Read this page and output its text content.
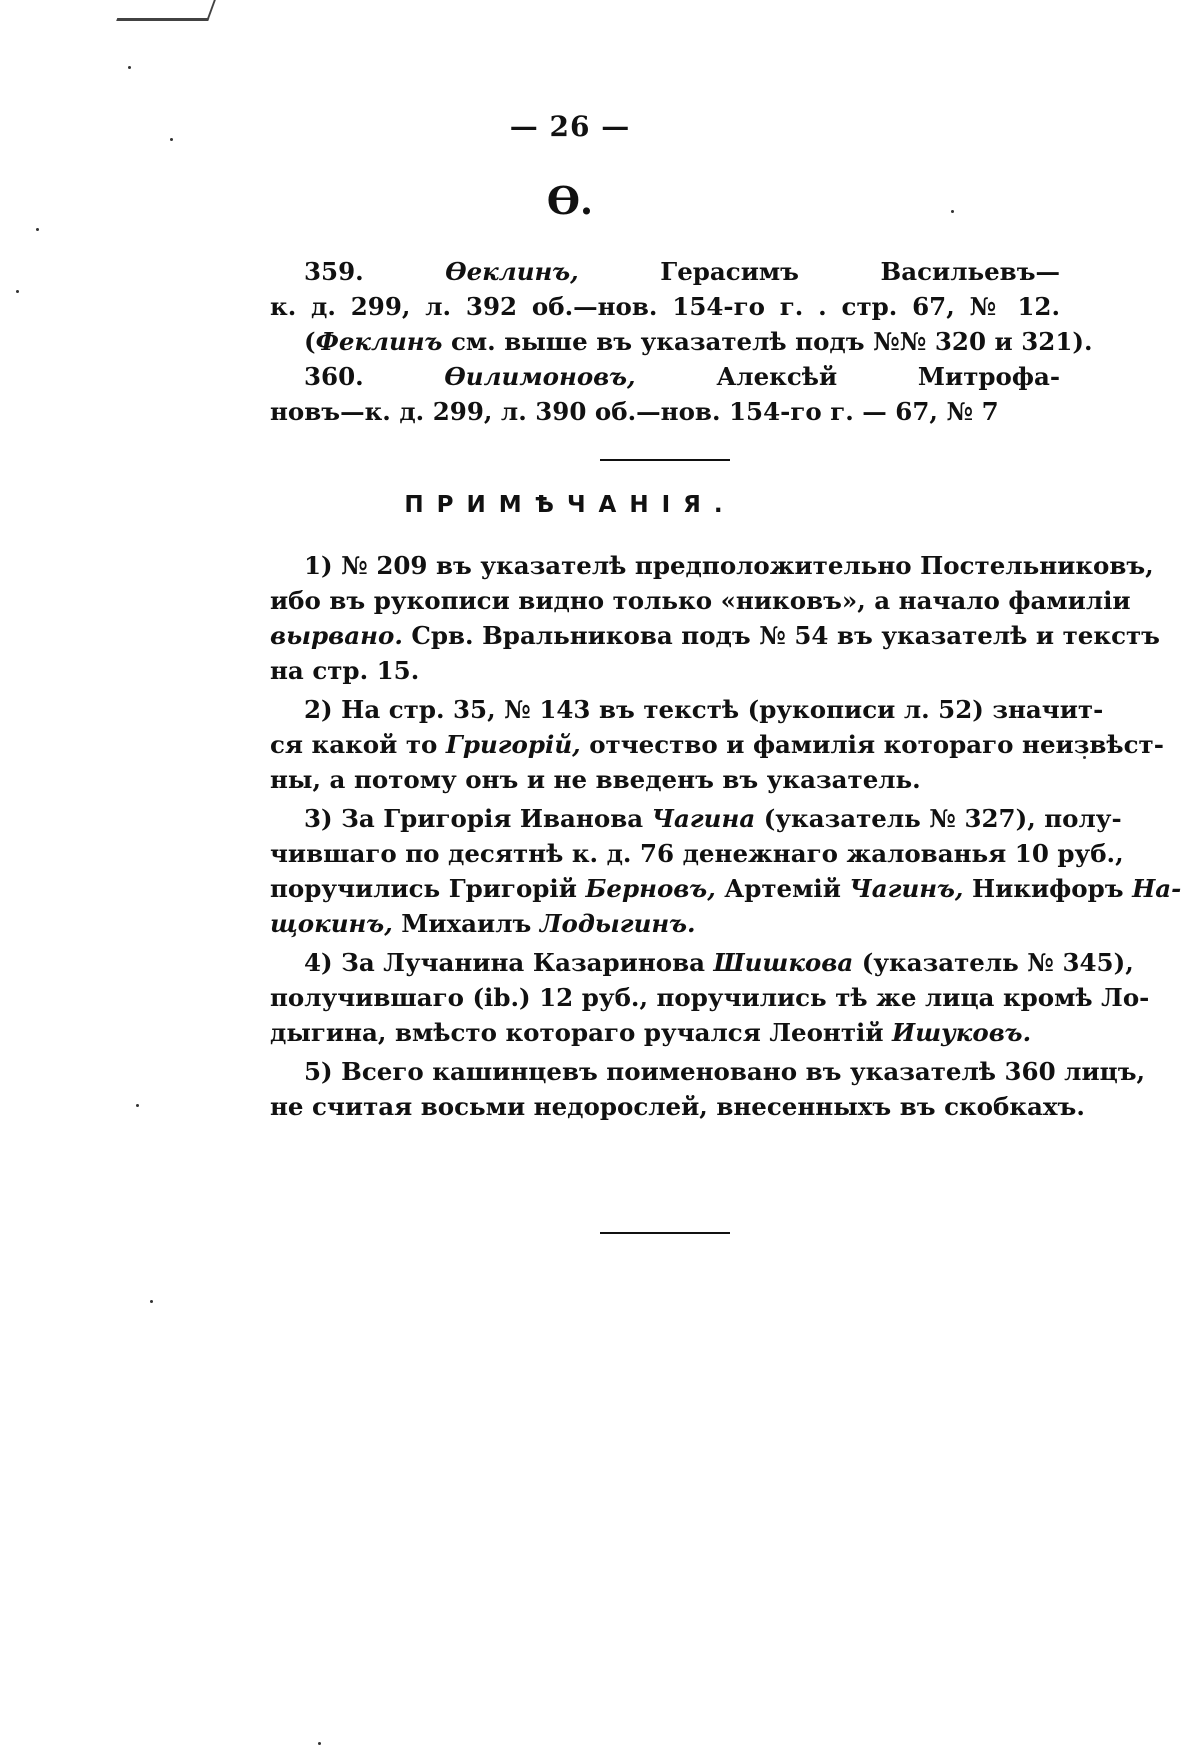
— 26 —
Ѳ.
359. Ѳеклинъ, Герасимъ Васильевъ—
к. д. 299, л. 392 об.—нов. 154-го г. . стр. 67, № 12.
(Феклинъ см. выше въ указателѣ подъ №№ 320 и 321).
360. Ѳилимоновъ, Алексѣй Митрофа-
новъ—к. д. 299, л. 390 об.—нов. 154-го г. — 67, № 7
ПРИМѢЧАНІЯ.
1) № 209 въ указателѣ предположительно Постельниковъ,
ибо въ рукописи видно только «никовъ», а начало фамиліи
вырвано. Срв. Вральникова подъ № 54 въ указателѣ и текстъ
на стр. 15.
2) На стр. 35, № 143 въ текстѣ (рукописи л. 52) значит-
ся какой то Григорій, отчество и фамилія котораго неизвѣст-
ны, а потому онъ и не введенъ въ указатель.
3) За Григорія Иванова Чагина (указатель № 327), полу-
чившаго по десятнѣ к. д. 76 денежнаго жалованья 10 руб.,
поручились Григорій Берновъ, Артемій Чагинъ, Никифоръ На-
щокинъ, Михаилъ Лодыгинъ.
4) За Лучанина Казаринова Шишкова (указатель № 345),
получившаго (ib.) 12 руб., поручились тѣ же лица кромѣ Ло-
дыгина, вмѣсто котораго ручался Леонтій Ишуковъ.
5) Всего кашинцевъ поименовано въ указателѣ 360 лицъ,
не считая восьми недорослей, внесенныхъ въ скобкахъ.
